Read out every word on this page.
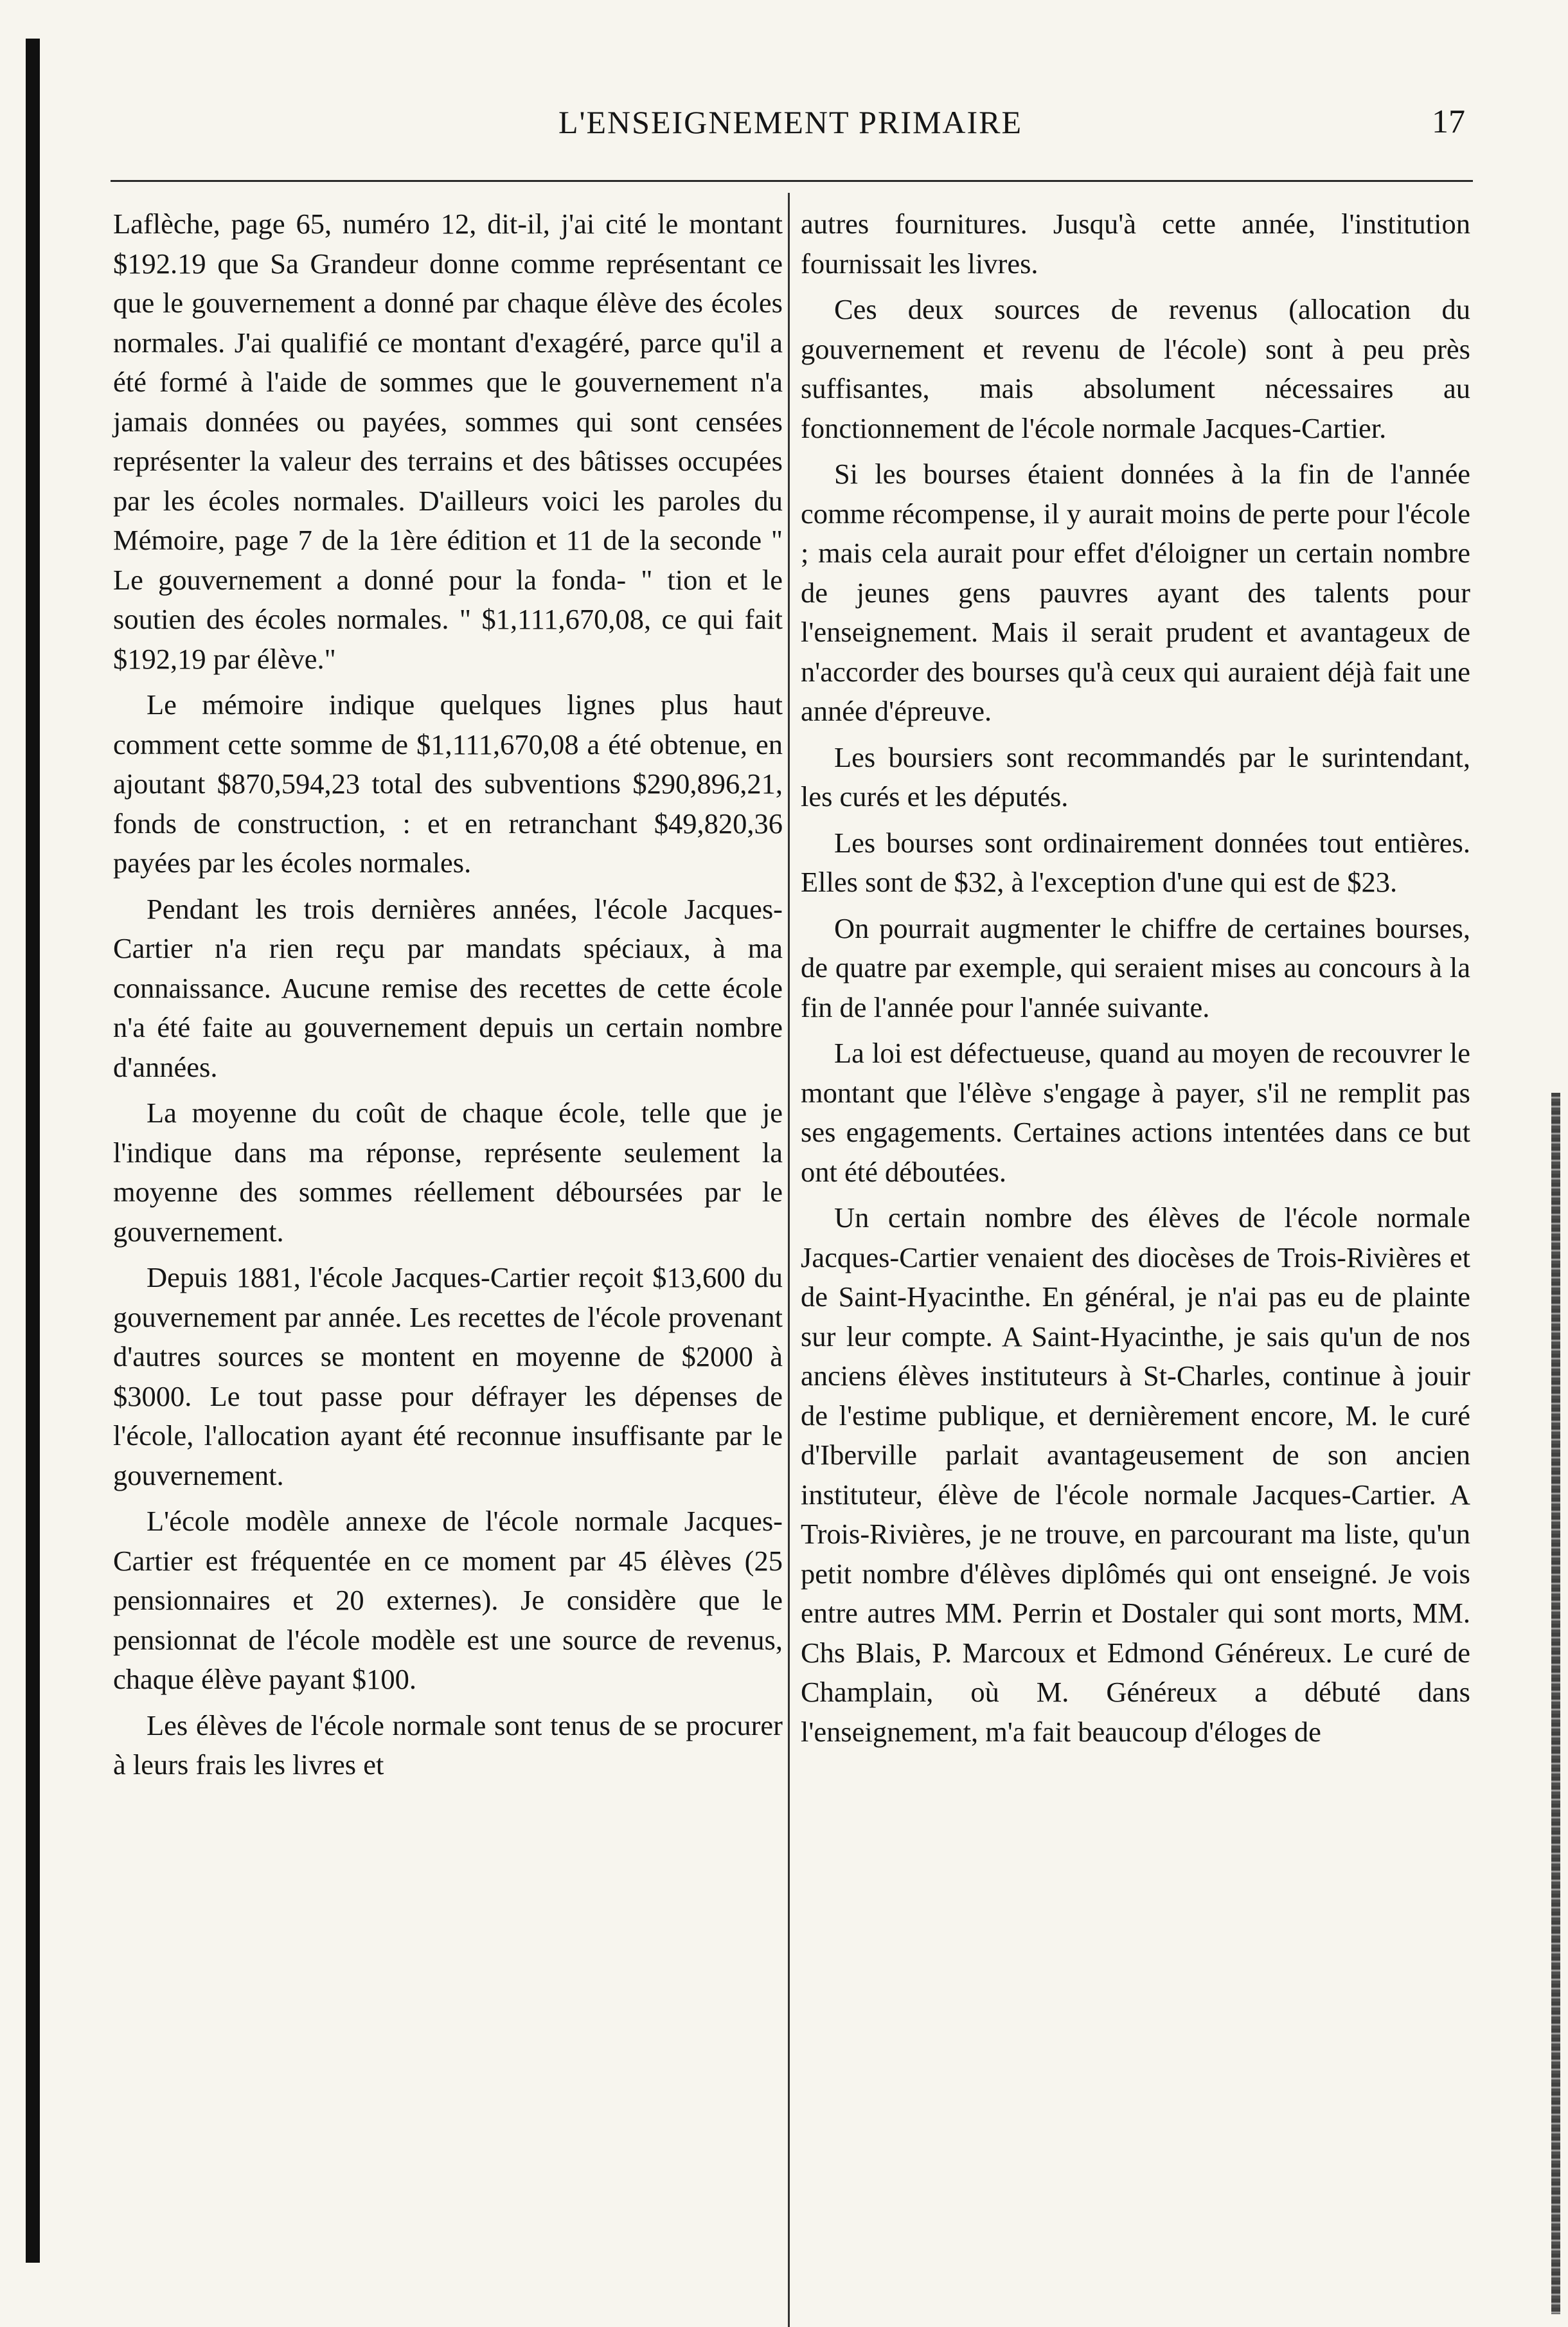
L'ENSEIGNEMENT PRIMAIRE	17

Laflèche, page 65, numéro 12, dit-il, j'ai cité le montant $192.19 que Sa Grandeur donne comme représentant ce que le gouvernement a donné par chaque élève des écoles normales. J'ai qualifié ce montant d'exagéré, parce qu'il a été formé à l'aide de sommes que le gouvernement n'a jamais données ou payées, sommes qui sont censées représenter la valeur des terrains et des bâtisses occupées par les écoles normales. D'ailleurs voici les paroles du Mémoire, page 7 de la 1ère édition et 11 de la seconde " Le gouvernement a donné pour la fonda- " tion et le soutien des écoles normales. " $1,111,670,08, ce qui fait $192,19 par élève."

Le mémoire indique quelques lignes plus haut comment cette somme de $1,111,670,08 a été obtenue, en ajoutant $870,594,23 total des subventions $290,896,21, fonds de construction, : et en retranchant $49,820,36 payées par les écoles normales.

Pendant les trois dernières années, l'école Jacques-Cartier n'a rien reçu par mandats spéciaux, à ma connaissance. Aucune remise des recettes de cette école n'a été faite au gouvernement depuis un certain nombre d'années.

La moyenne du coût de chaque école, telle que je l'indique dans ma réponse, représente seulement la moyenne des sommes réellement déboursées par le gouvernement.

Depuis 1881, l'école Jacques-Cartier reçoit $13,600 du gouvernement par année. Les recettes de l'école provenant d'autres sources se montent en moyenne de $2000 à $3000. Le tout passe pour défrayer les dépenses de l'école, l'allocation ayant été reconnue insuffisante par le gouvernement.

L'école modèle annexe de l'école normale Jacques-Cartier est fréquentée en ce moment par 45 élèves (25 pensionnaires et 20 externes). Je considère que le pensionnat de l'école modèle est une source de revenus, chaque élève payant $100.

Les élèves de l'école normale sont tenus de se procurer à leurs frais les livres et

autres fournitures. Jusqu'à cette année, l'institution fournissait les livres.

Ces deux sources de revenus (allocation du gouvernement et revenu de l'école) sont à peu près suffisantes, mais absolument nécessaires au fonctionnement de l'école normale Jacques-Cartier.

Si les bourses étaient données à la fin de l'année comme récompense, il y aurait moins de perte pour l'école ; mais cela aurait pour effet d'éloigner un certain nombre de jeunes gens pauvres ayant des talents pour l'enseignement. Mais il serait prudent et avantageux de n'accorder des bourses qu'à ceux qui auraient déjà fait une année d'épreuve.

Les boursiers sont recommandés par le surintendant, les curés et les députés.

Les bourses sont ordinairement données tout entières. Elles sont de $32, à l'exception d'une qui est de $23.

On pourrait augmenter le chiffre de certaines bourses, de quatre par exemple, qui seraient mises au concours à la fin de l'année pour l'année suivante.

La loi est défectueuse, quand au moyen de recouvrer le montant que l'élève s'engage à payer, s'il ne remplit pas ses engagements. Certaines actions intentées dans ce but ont été déboutées.

Un certain nombre des élèves de l'école normale Jacques-Cartier venaient des diocèses de Trois-Rivières et de Saint-Hyacinthe. En général, je n'ai pas eu de plainte sur leur compte. A Saint-Hyacinthe, je sais qu'un de nos anciens élèves instituteurs à St-Charles, continue à jouir de l'estime publique, et dernièrement encore, M. le curé d'Iberville parlait avantageusement de son ancien instituteur, élève de l'école normale Jacques-Cartier. A Trois-Rivières, je ne trouve, en parcourant ma liste, qu'un petit nombre d'élèves diplômés qui ont enseigné. Je vois entre autres MM. Perrin et Dostaler qui sont morts, MM. Chs Blais, P. Marcoux et Edmond Généreux. Le curé de Champlain, où M. Généreux a débuté dans l'enseignement, m'a fait beaucoup d'éloges de
